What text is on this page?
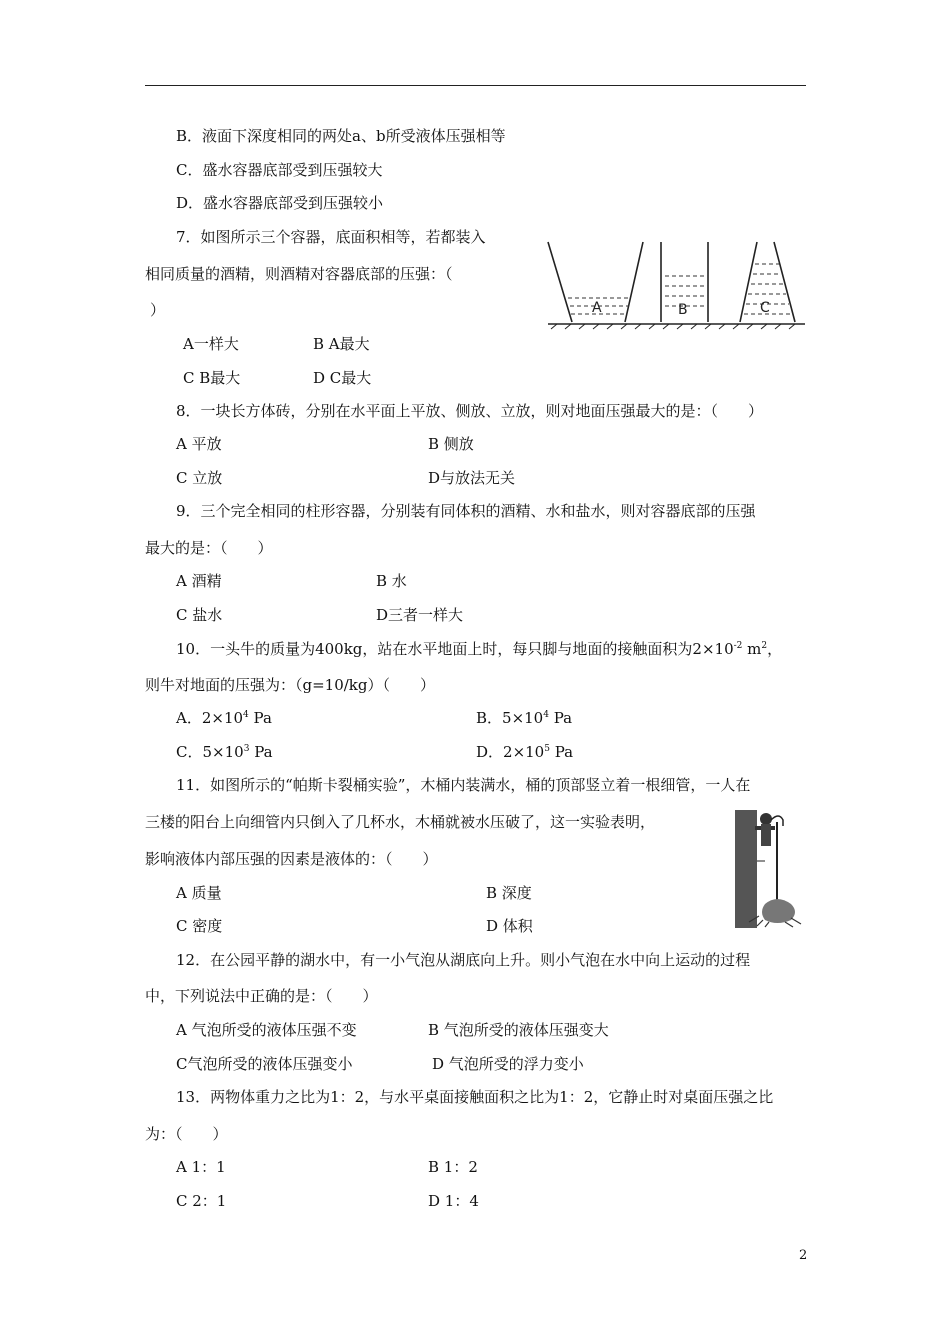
B．液面下深度相同的两处a、b所受液体压强相等
C．盛水容器底部受到压强较大
D．盛水容器底部受到压强较小
7．如图所示三个容器，底面积相等，若都装入
相同质量的酒精，则酒精对容器底部的压强：（
）
A一样大	B A最大
C B最大	D C最大
A	B	C
8．一块长方体砖，分别在水平面上平放、侧放、立放，则对地面压强最大的是：（　　）
A 平放	B 侧放
C 立放	D与放法无关
9．三个完全相同的柱形容器，分别装有同体积的酒精、水和盐水，则对容器底部的压强
最大的是：（　　）
A 酒精	B 水
C 盐水	D三者一样大
10．一头牛的质量为400kg，站在水平地面上时，每只脚与地面的接触面积为$2\times 10^{-2}$ $m^2$，
则牛对地面的压强为：（g=10/kg）（　　）
A．$2\times 10^4$ Pa	B．$5\times 10^4$ Pa
C．$5\times 10^3$ Pa	D．$2\times 10^5$ Pa
11．如图所示的“帕斯卡裂桶实验”，木桶内装满水，桶的顶部竖立着一根细管，一人在
三楼的阳台上向细管内只倒入了几杯水，木桶就被水压破了，这一实验表明，
影响液体内部压强的因素是液体的：（　　）
A 质量	B 深度
C 密度	D 体积
12．在公园平静的湖水中，有一小气泡从湖底向上升。则小气泡在水中向上运动的过程
中，下列说法中正确的是：（　　）
A 气泡所受的液体压强不变	B 气泡所受的液体压强变大
C气泡所受的液体压强变小	D 气泡所受的浮力变小
13．两物体重力之比为1：2，与水平桌面接触面积之比为1：2，它静止时对桌面压强之比
为：（　　）
A 1：1	B 1：2
C 2：1	D 1：4
2
